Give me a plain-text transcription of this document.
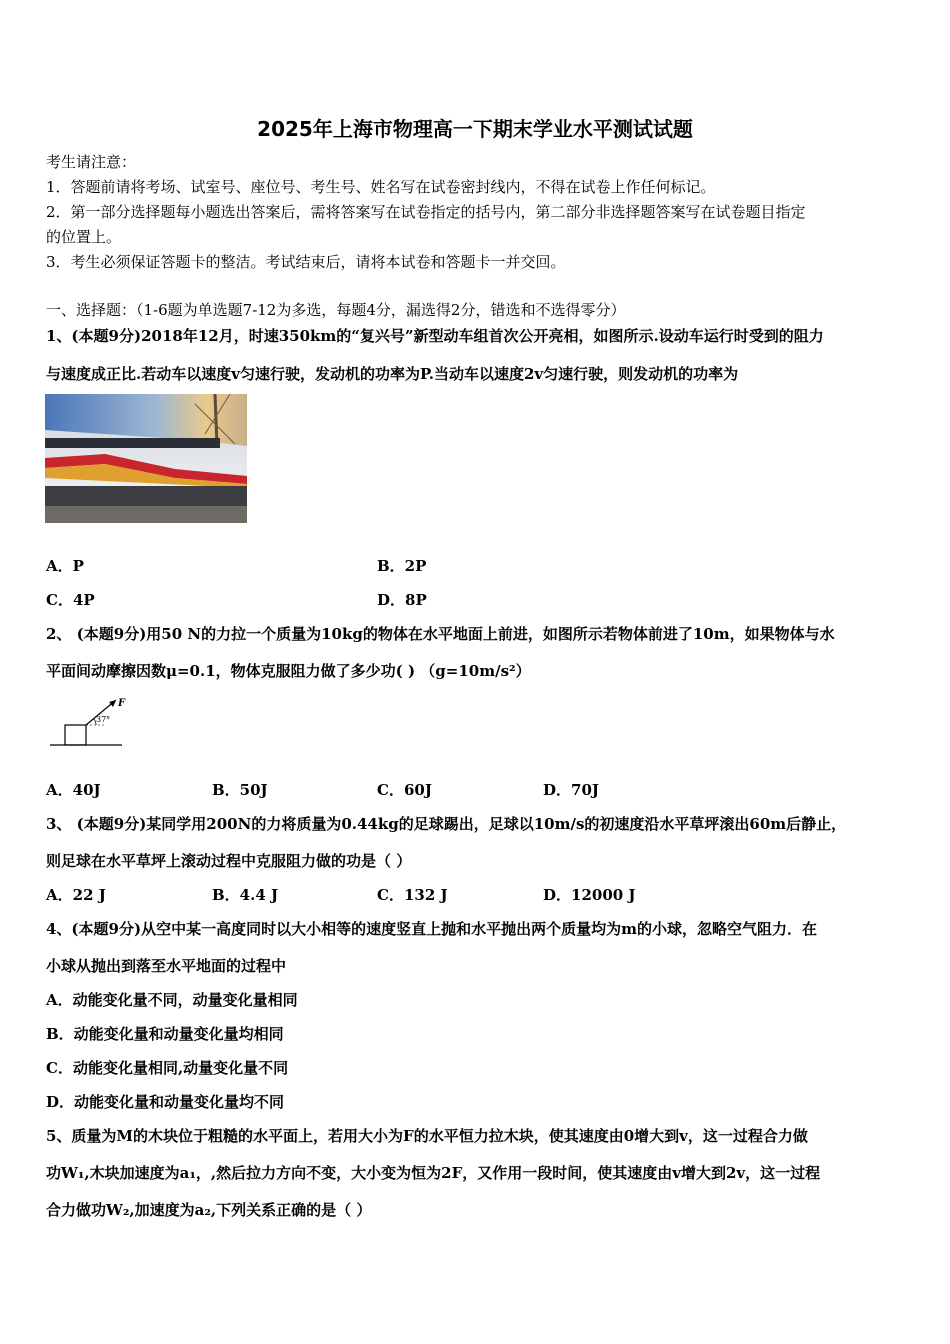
2025年上海市物理高一下期末学业水平测试试题
考生请注意：
1．答题前请将考场、试室号、座位号、考生号、姓名写在试卷密封线内，不得在试卷上作任何标记。
2．第一部分选择题每小题选出答案后，需将答案写在试卷指定的括号内，第二部分非选择题答案写在试卷题目指定
的位置上。
3．考生必须保证答题卡的整洁。考试结束后，请将本试卷和答题卡一并交回。
一、选择题：（1-6题为单选题7-12为多选，每题4分，漏选得2分，错选和不选得零分）
1、(本题9分)2018年12月，时速350km的“复兴号”新型动车组首次公开亮相，如图所示.设动车运行时受到的阻力
与速度成正比.若动车以速度v匀速行驶，发动机的功率为P.当动车以速度2v匀速行驶，则发动机的功率为
A．P	B．2P
C．4P	D．8P
2、 (本题9分)用50 N的力拉一个质量为10kg的物体在水平地面上前进，如图所示若物体前进了10m，如果物体与水
平面间动摩擦因数μ=0.1，物体克服阻力做了多少功( ) （g=10m/s²）
F
37°
A．40J	B．50J	C．60J	D．70J
3、 (本题9分)某同学用200N的力将质量为0.44kg的足球踢出，足球以10m/s的初速度沿水平草坪滚出60m后静止，
则足球在水平草坪上滚动过程中克服阻力做的功是（ ）
A．22 J	B．4.4 J	C．132 J	D．12000 J
4、(本题9分)从空中某一高度同时以大小相等的速度竖直上抛和水平抛出两个质量均为m的小球，忽略空气阻力．在
小球从抛出到落至水平地面的过程中
A．动能变化量不同，动量变化量相同
B．动能变化量和动量变化量均相同
C．动能变化量相同,动量变化量不同
D．动能变化量和动量变化量均不同
5、质量为M的木块位于粗糙的水平面上，若用大小为F的水平恒力拉木块，使其速度由0增大到v，这一过程合力做
功W₁,木块加速度为a₁，,然后拉力方向不变，大小变为恒为2F，又作用一段时间，使其速度由v增大到2v，这一过程
合力做功W₂,加速度为a₂,下列关系正确的是（ ）
